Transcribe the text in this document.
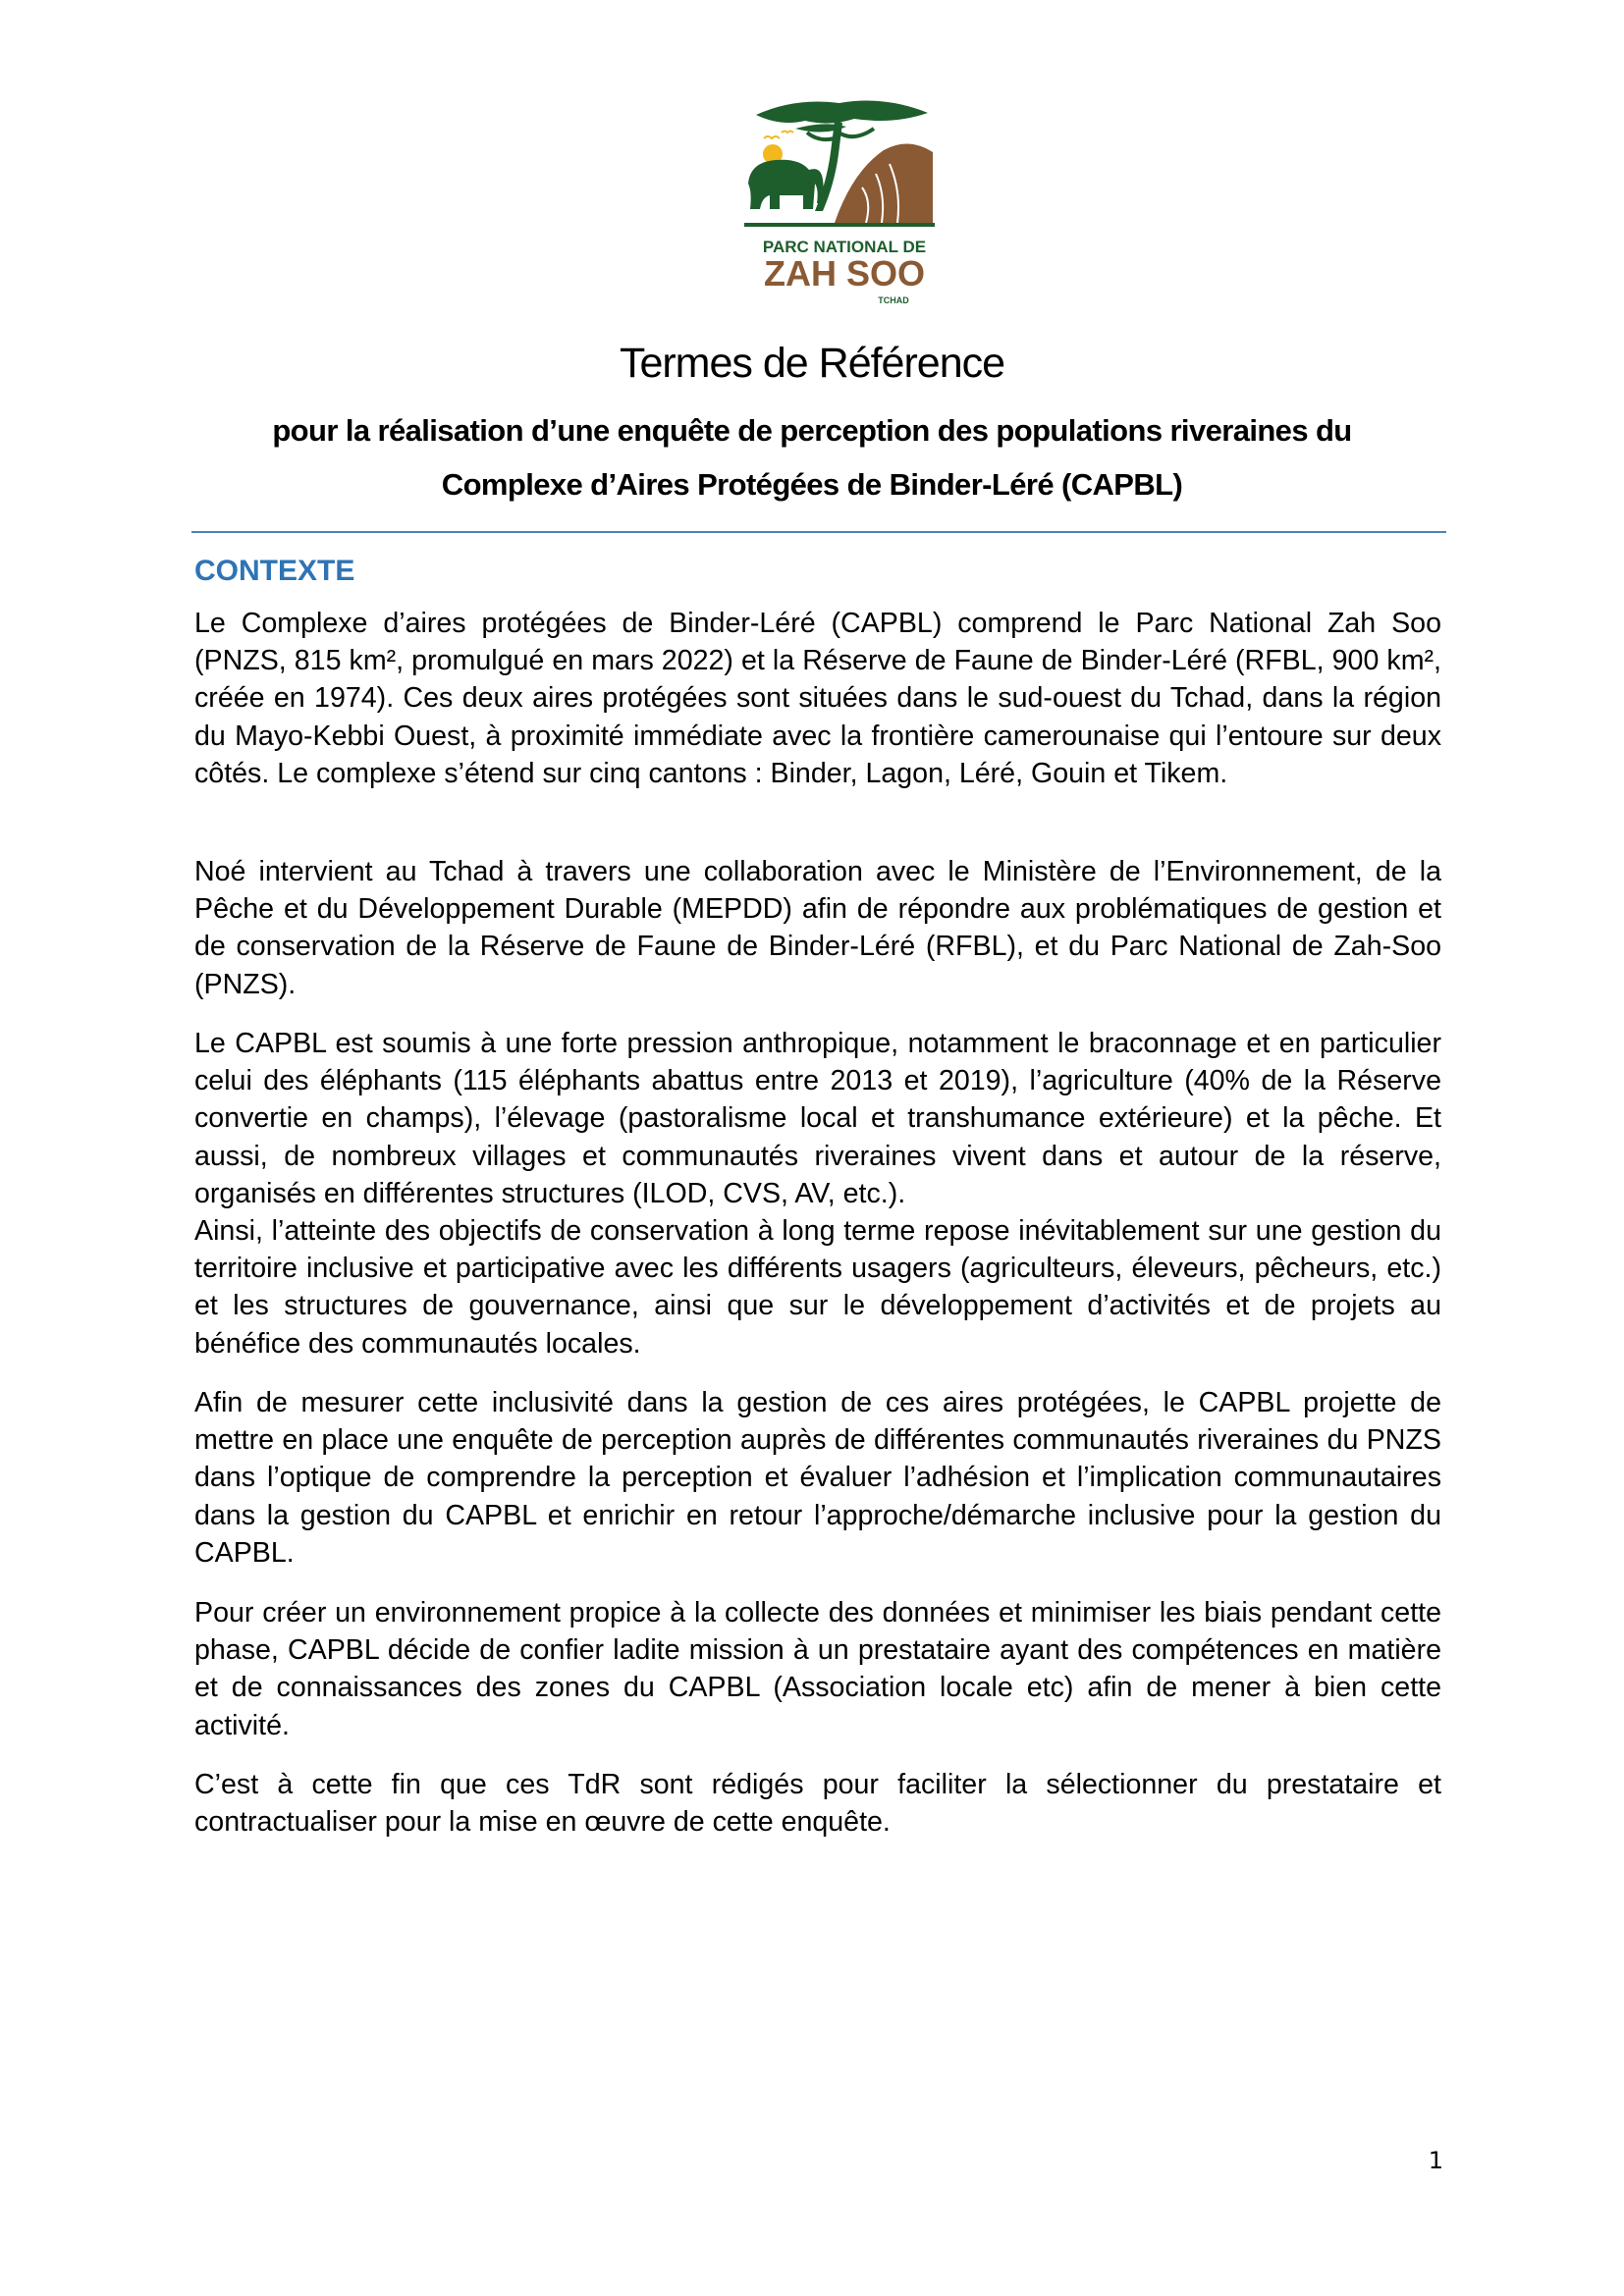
PARC NATIONAL DE
ZAH SOO
TCHAD
Termes de Référence
pour la réalisation d’une enquête de perception des populations riveraines du
Complexe d’Aires Protégées de Binder-Léré (CAPBL)
CONTEXTE
Le Complexe d’aires protégées de Binder-Léré (CAPBL) comprend le Parc National Zah Soo (PNZS, 815 km², promulgué en mars 2022) et la Réserve de Faune de Binder-Léré (RFBL, 900 km², créée en 1974). Ces deux aires protégées sont situées dans le sud-ouest du Tchad, dans la région du Mayo-Kebbi Ouest, à proximité immédiate avec la frontière camerounaise qui l’entoure sur deux côtés. Le complexe s’étend sur cinq cantons : Binder, Lagon, Léré, Gouin et Tikem.
Noé intervient au Tchad à travers une collaboration avec le Ministère de l’Environnement, de la Pêche et du Développement Durable (MEPDD) afin de répondre aux problématiques de gestion et de conservation de la Réserve de Faune de Binder-Léré (RFBL), et du Parc National de Zah-Soo (PNZS).
Le CAPBL est soumis à une forte pression anthropique, notamment le braconnage et en particulier celui des éléphants (115 éléphants abattus entre 2013 et 2019), l’agriculture (40% de la Réserve convertie en champs), l’élevage (pastoralisme local et transhumance extérieure) et la pêche. Et aussi, de nombreux villages et communautés riveraines vivent dans et autour de la réserve, organisés en différentes structures (ILOD, CVS, AV, etc.).
Ainsi, l’atteinte des objectifs de conservation à long terme repose inévitablement sur une gestion du territoire inclusive et participative avec les différents usagers (agriculteurs, éleveurs, pêcheurs, etc.) et les structures de gouvernance, ainsi que sur le développement d’activités et de projets au bénéfice des communautés locales.
Afin de mesurer cette inclusivité dans la gestion de ces aires protégées, le CAPBL projette de mettre en place une enquête de perception auprès de différentes communautés riveraines du PNZS dans l’optique de comprendre la perception et évaluer l’adhésion et l’implication communautaires dans la gestion du CAPBL et enrichir en retour l’approche/démarche inclusive pour la gestion du CAPBL.
Pour créer un environnement propice à la collecte des données et minimiser les biais pendant cette phase, CAPBL décide de confier ladite mission à un prestataire ayant des compétences en matière et de connaissances des zones du CAPBL (Association locale etc) afin de mener à bien cette activité.
C’est à cette fin que ces TdR sont rédigés pour faciliter la sélectionner du prestataire et contractualiser pour la mise en œuvre de cette enquête.
1
